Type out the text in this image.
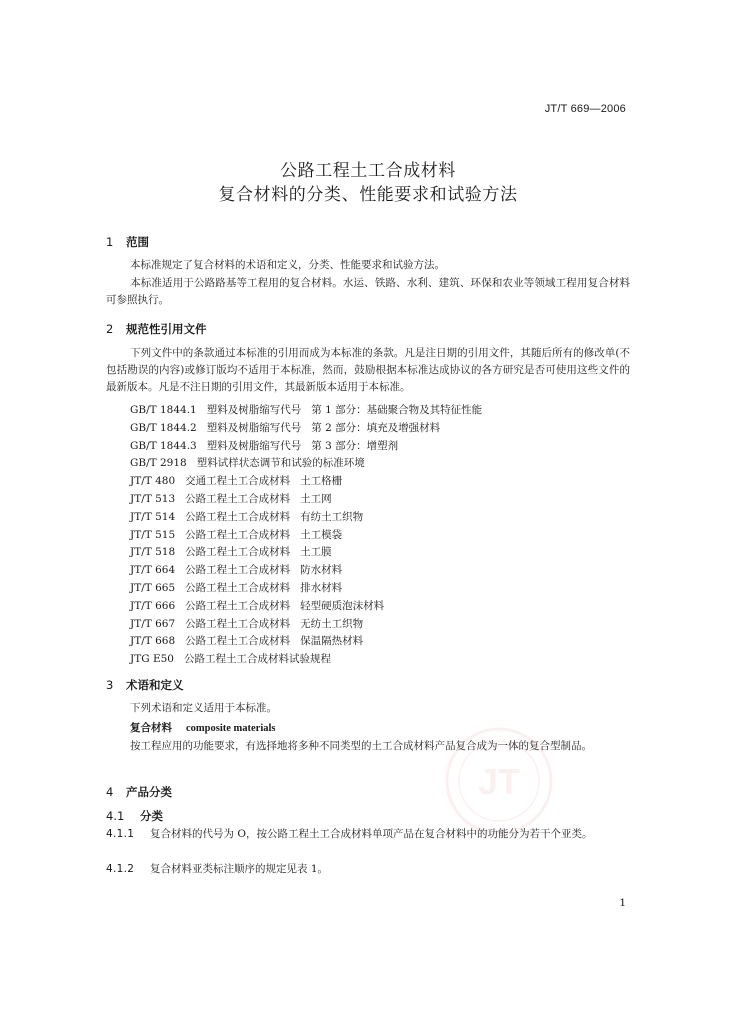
JT/T 669—2006
公路工程土工合成材料
复合材料的分类、性能要求和试验方法
1 范围
本标准规定了复合材料的术语和定义，分类、性能要求和试验方法。
本标准适用于公路路基等工程用的复合材料。水运、铁路、水利、建筑、环保和农业等领域工程用复合材料可参照执行。
2 规范性引用文件
下列文件中的条款通过本标准的引用而成为本标准的条款。凡是注日期的引用文件，其随后所有的修改单(不包括勘误的内容)或修订版均不适用于本标准，然而，鼓励根据本标准达成协议的各方研究是否可使用这些文件的最新版本。凡是不注日期的引用文件，其最新版本适用于本标准。
GB/T 1844.1   塑料及树脂缩写代号   第 1 部分：基础聚合物及其特征性能
GB/T 1844.2   塑料及树脂缩写代号   第 2 部分：填充及增强材料
GB/T 1844.3   塑料及树脂缩写代号   第 3 部分：增塑剂
GB/T 2918   塑料试样状态调节和试验的标准环境
JT/T 480   交通工程土工合成材料   土工格栅
JT/T 513   公路工程土工合成材料   土工网
JT/T 514   公路工程土工合成材料   有纺土工织物
JT/T 515   公路工程土工合成材料   土工模袋
JT/T 518   公路工程土工合成材料   土工膜
JT/T 664   公路工程土工合成材料   防水材料
JT/T 665   公路工程土工合成材料   排水材料
JT/T 666   公路工程土工合成材料   轻型硬质泡沫材料
JT/T 667   公路工程土工合成材料   无纺土工织物
JT/T 668   公路工程土工合成材料   保温隔热材料
JTG E50   公路工程土工合成材料试验规程
3 术语和定义
下列术语和定义适用于本标准。
复合材料 composite materials
按工程应用的功能要求，有选择地将多种不同类型的土工合成材料产品复合成为一体的复合型制品。
JT
4 产品分类
4.1 分类
4.1.1 复合材料的代号为 O，按公路工程土工合成材料单项产品在复合材料中的功能分为若干个亚类。
4.1.2 复合材料亚类标注顺序的规定见表 1。
1
